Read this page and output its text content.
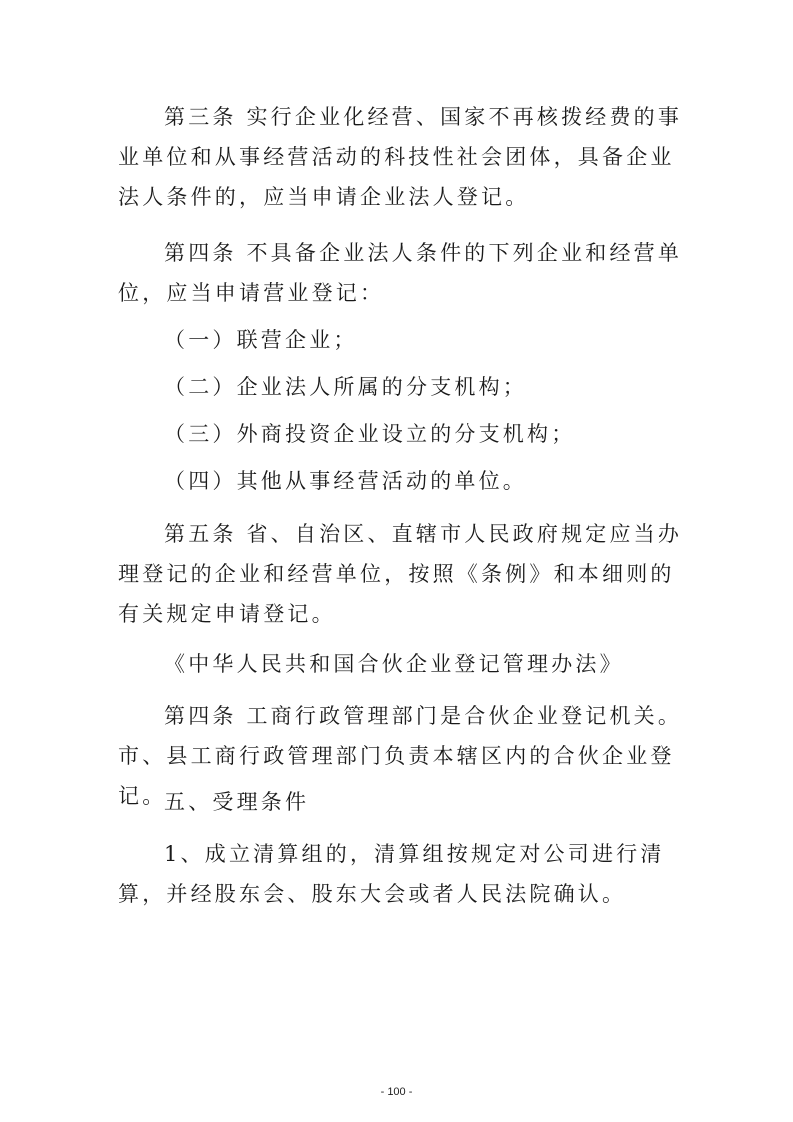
第三条 实行企业化经营、国家不再核拨经费的事业单位和从事经营活动的科技性社会团体，具备企业法人条件的，应当申请企业法人登记。

第四条 不具备企业法人条件的下列企业和经营单位，应当申请营业登记：

（一）联营企业；

（二）企业法人所属的分支机构；

（三）外商投资企业设立的分支机构；

（四）其他从事经营活动的单位。

第五条 省、自治区、直辖市人民政府规定应当办理登记的企业和经营单位，按照《条例》和本细则的有关规定申请登记。

《中华人民共和国合伙企业登记管理办法》

第四条 工商行政管理部门是合伙企业登记机关。市、县工商行政管理部门负责本辖区内的合伙企业登记。

五、受理条件

1、成立清算组的，清算组按规定对公司进行清算，并经股东会、股东大会或者人民法院确认。

- 100 -
